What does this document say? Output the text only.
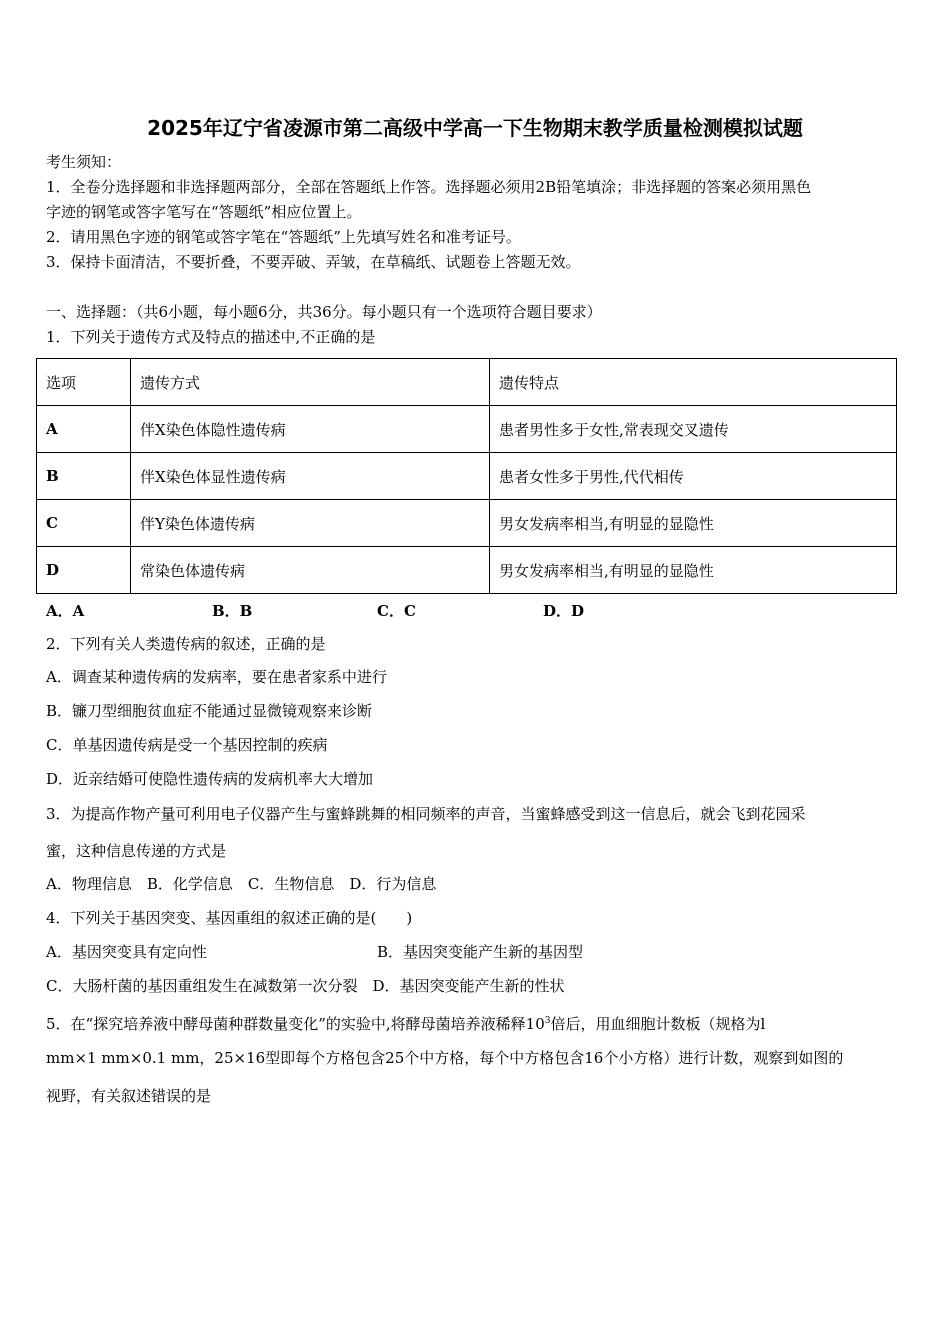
2025年辽宁省凌源市第二高级中学高一下生物期末教学质量检测模拟试题
考生须知：
1．全卷分选择题和非选择题两部分，全部在答题纸上作答。选择题必须用2B铅笔填涂；非选择题的答案必须用黑色
字迹的钢笔或答字笔写在“答题纸”相应位置上。
2．请用黑色字迹的钢笔或答字笔在“答题纸”上先填写姓名和准考证号。
3．保持卡面清洁，不要折叠，不要弄破、弄皱，在草稿纸、试题卷上答题无效。
一、选择题：（共6小题，每小题6分，共36分。每小题只有一个选项符合题目要求）
1．下列关于遗传方式及特点的描述中,不正确的是
选项	遗传方式	遗传特点
A	伴X染色体隐性遗传病	患者男性多于女性,常表现交叉遗传
B	伴X染色体显性遗传病	患者女性多于男性,代代相传
C	伴Y染色体遗传病	男女发病率相当,有明显的显隐性
D	常染色体遗传病	男女发病率相当,有明显的显隐性
A．A	B．B	C．C	D．D
2．下列有关人类遗传病的叙述，正确的是
A．调查某种遗传病的发病率，要在患者家系中进行
B．镰刀型细胞贫血症不能通过显微镜观察来诊断
C．单基因遗传病是受一个基因控制的疾病
D．近亲结婚可使隐性遗传病的发病机率大大增加
3．为提高作物产量可利用电子仪器产生与蜜蜂跳舞的相同频率的声音，当蜜蜂感受到这一信息后，就会飞到花园采
蜜，这种信息传递的方式是
A．物理信息　B．化学信息　C．生物信息　D．行为信息
4．下列关于基因突变、基因重组的叙述正确的是(　　)
A．基因突变具有定向性	B．基因突变能产生新的基因型
C．大肠杆菌的基因重组发生在减数第一次分裂　D．基因突变能产生新的性状
5．在“探究培养液中酵母菌种群数量变化”的实验中,将酵母菌培养液稀释$10^3$倍后，用血细胞计数板（规格为l
mm×1 mm×0.1 mm，25×16型即每个方格包含25个中方格，每个中方格包含16个小方格）进行计数，观察到如图的
视野，有关叙述错误的是
